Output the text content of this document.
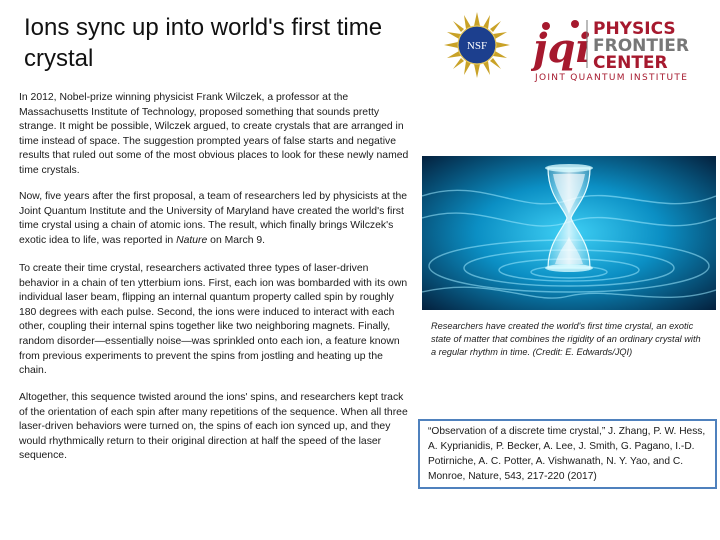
Ions sync up into world's first time crystal

In 2012, Nobel-prize winning physicist Frank Wilczek, a professor at the Massachusetts Institute of Technology, proposed something that sounds pretty strange. It might be possible, Wilczek argued, to create crystals that are arranged in time instead of space. The suggestion prompted years of false starts and negative results that ruled out some of the most obvious places to look for these newly named time crystals.

Now, five years after the first proposal, a team of researchers led by physicists at the Joint Quantum Institute and the University of Maryland have created the world's first time crystal using a chain of atomic ions. The result, which finally brings Wilczek's exotic idea to life, was reported in Nature on March 9.

To create their time crystal, researchers activated three types of laser-driven behavior in a chain of ten ytterbium ions. First, each ion was bombarded with its own individual laser beam, flipping an internal quantum property called spin by roughly 180 degrees with each pulse. Second, the ions were induced to interact with each other, coupling their internal spins together like two neighboring magnets. Finally, random disorder—essentially noise—was sprinkled onto each ion, a feature known from previous experiments to prevent the spins from jostling and heating up the chain.

Altogether, this sequence twisted around the ions' spins, and researchers kept track of the orientation of each spin after many repetitions of the sequence. When all three laser-driven behaviors were turned on, the spins of each ion synced up, and they would rhythmically return to their original direction at half the speed of the laser sequence.

NSF jqi PHYSICS
FRONTIER
CENTER
JOINT QUANTUM INSTITUTE

Researchers have created the world's first time crystal, an exotic state of matter that combines the rigidity of an ordinary crystal with a regular rhythm in time. (Credit: E. Edwards/JQI)

“Observation of a discrete time crystal,” J. Zhang, P. W. Hess, A. Kyprianidis, P. Becker, A. Lee, J. Smith, G. Pagano, I.-D. Potirniche, A. C. Potter, A. Vishwanath, N. Y. Yao, and C. Monroe, Nature, 543, 217-220 (2017)
